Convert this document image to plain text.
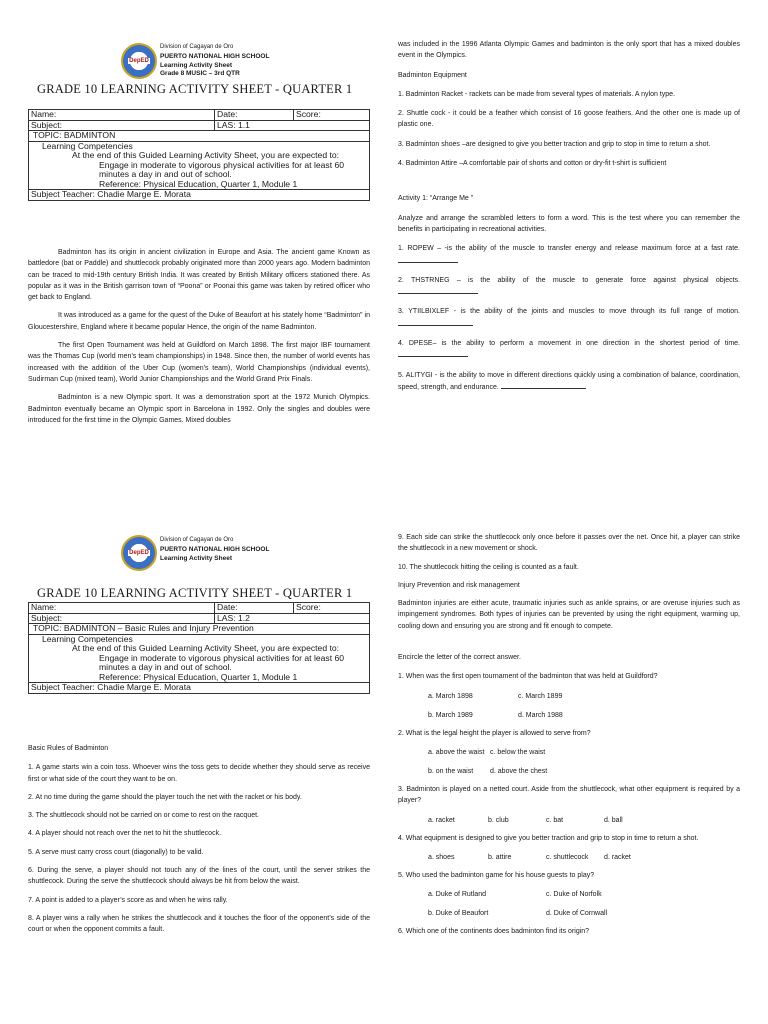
DepED
Division of Cagayan de Oro
PUERTO NATIONAL HIGH SCHOOL
Learning Activity Sheet
Grade 8 MUSIC – 3rd QTR
GRADE 10 LEARNING ACTIVITY SHEET - QUARTER 1
Name:	Date:	Score:
Subject:	LAS: 1.1	
TOPIC: BADMINTON		

Learning Competencies
At the end of this Guided Learning Activity Sheet, you are expected to:
Engage in moderate to vigorous physical activities for at least 60 minutes a day in and out of school.
Reference: Physical Education, Quarter 1, Module 1		

Subject Teacher: Chadie Marge E. Morata		

Badminton has its origin in ancient civilization in Europe and Asia. The ancient game Known as battledore (bat or Paddle) and shuttlecock probably originated more than 2000 years ago. Modern badminton can be traced to mid-19th century British India. It was created by British Military officers stationed there. As popular as it was in the British garrison town of “Poona” or Poonai this game was taken by retired officer who get back to England.

It was introduced as a game for the quest of the Duke of Beaufort at his stately home “Badminton” in Gloucestershire, England where it became popular Hence, the origin of the name Badminton.

The first Open Tournament was held at Guildford on March 1898. The first major IBF tournament was the Thomas Cup (world men’s team championships) in 1948. Since then, the number of world events has increased with the addition of the Uber Cup (women’s team), World Championships (individual events), Sudirman Cup (mixed team), World Junior Championships and the World Grand Prix Finals.

Badminton is a new Olympic sport. It was a demonstration sport at the 1972 Munich Olympics. Badminton eventually became an Olympic sport in Barcelona in 1992. Only the singles and doubles were introduced for the first time in the Olympic Games. Mixed doubles

was included in the 1996 Atlanta Olympic Games and badminton is the only sport that has a mixed doubles event in the Olympics.

Badminton Equipment

1. Badminton Racket - rackets can be made from several types of materials. A nylon type.

2. Shuttle cock - it could be a feather which consist of 16 goose feathers. And the other one is made up of plastic one.

3. Badminton shoes –are designed to give you better traction and grip to stop in time to return a shot.

4. Badminton Attire –A comfortable pair of shorts and cotton or dry-fit t-shirt is sufficient

Activity 1: “Arrange Me ”

Analyze and arrange the scrambled letters to form a word. This is the test where you can remember the benefits in participating in recreational activities.

1. ROPEW – -is the ability of the muscle to transfer energy and release maximum force at a fast rate.

2. THSTRNEG – is the ability of the muscle to generate force against physical objects.

3. YTIILBIXLEF - is the ability of the joints and muscles to move through its full range of motion.

4. DPESE– is the ability to perform a movement in one direction in the shortest period of time.

5. ALITYGI - is the ability to move in different directions quickly using a combination of balance, coordination, speed, strength, and endurance.

DepED
Division of Cagayan de Oro
PUERTO NATIONAL HIGH SCHOOL
Learning Activity Sheet
GRADE 10 LEARNING ACTIVITY SHEET - QUARTER 1
Name:	Date:	Score:
Subject:	LAS: 1.2	
TOPIC: BADMINTON – Basic Rules and Injury Prevention		

Learning Competencies
At the end of this Guided Learning Activity Sheet, you are expected to:
Engage in moderate to vigorous physical activities for at least 60 minutes a day in and out of school.
Reference: Physical Education, Quarter 1, Module 1		

Subject Teacher: Chadie Marge E. Morata		

Basic Rules of Badminton

1. A game starts win a coin toss. Whoever wins the toss gets to decide whether they should serve as receive first or what side of the court they want to be on.

2. At no time during the game should the player touch the net with the racket or his body.

3. The shuttlecock should not be carried on or come to rest on the racquet.

4. A player should not reach over the net to hit the shuttlecock.

5. A serve must carry cross court (diagonally) to be valid.

6. During the serve, a player should not touch any of the lines of the court, until the server strikes the shuttlecock. During the serve the shuttlecock should always be hit from below the waist.

7. A point is added to a player’s score as and when he wins rally.

8. A player wins a rally when he strikes the shuttlecock and it touches the floor of the opponent’s side of the court or when the opponent commits a fault.

9. Each side can strike the shuttlecock only once before it passes over the net. Once hit, a player can strike the shuttlecock in a new movement or shock.

10. The shuttlecock hitting the ceiling is counted as a fault.

Injury Prevention and risk management

Badminton injuries are either acute, traumatic injuries such as ankle sprains, or are overuse injuries such as impingement syndromes. Both types of injuries can be prevented by using the right equipment, warming up, cooling down and ensuring you are strong and fit enough to compete.

Encircle the letter of the correct answer.

1. When was the first open tournament of the badminton that was held at Guildford?

a. March 1898	c. March 1899
b. March 1989	d. March 1988

2. What is the legal height the player is allowed to serve from?

a. above the waist c. below the waist
b. on the waist d. above the chest

3. Badminton is played on a netted court. Aside from the shuttlecock, what other equipment is required by a player?

a. racket	b. club	c. bat	d. ball

4. What equipment is designed to give you better traction and grip to stop in time to return a shot.

a. shoes	b. attire	c. shuttlecock d. racket

5. Who used the badminton game for his house guests to play?

a. Duke of Rutland	c. Duke of Norfolk
b. Duke of Beaufort	d. Duke of Cornwall

6. Which one of the continents does badminton find its origin?
